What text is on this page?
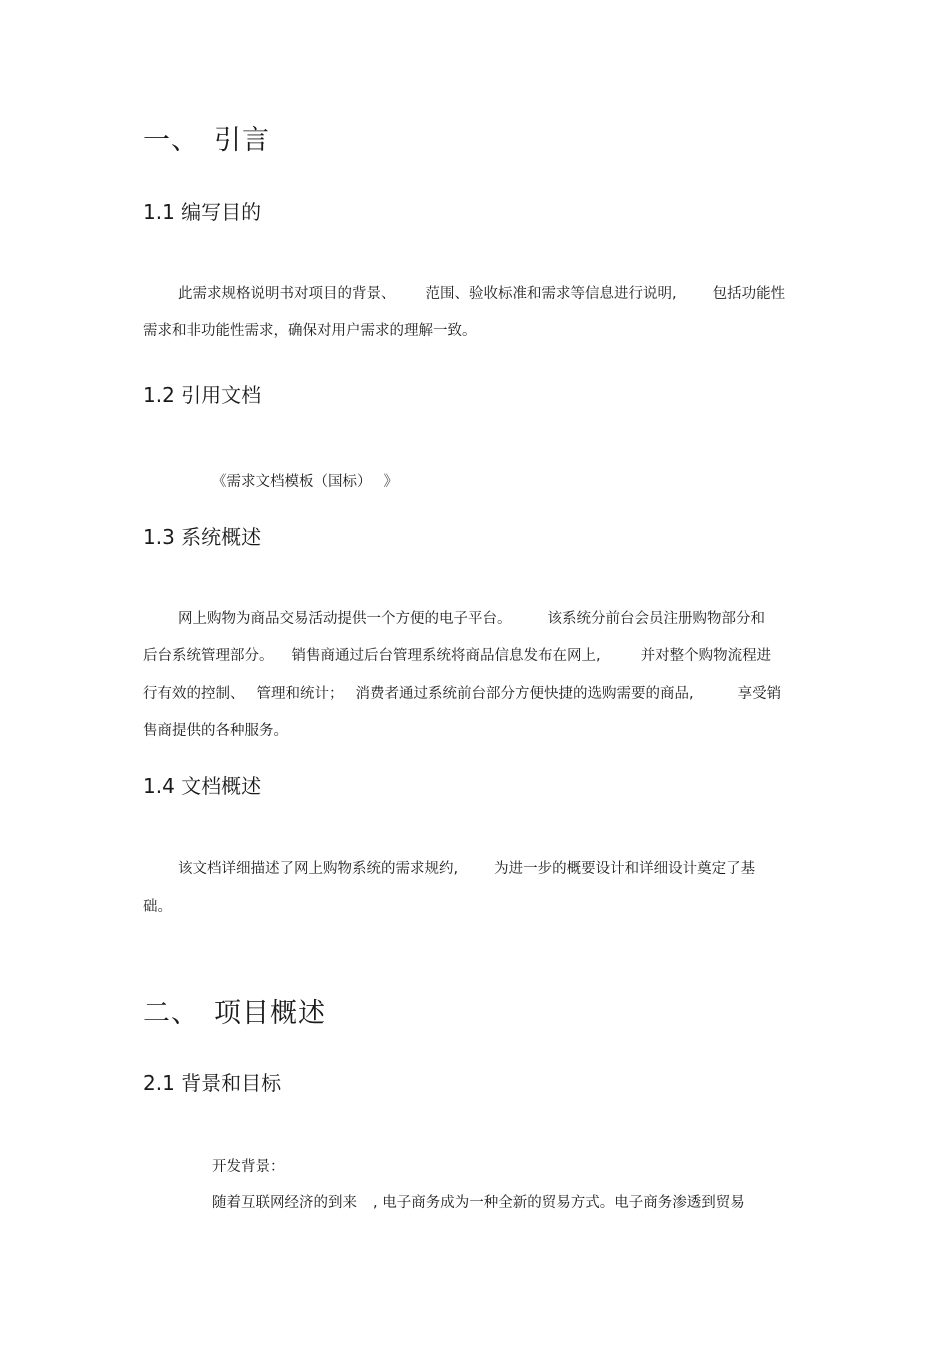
一、 引言
1.1 编写目的
此需求规格说明书对项目的背景、 范围、验收标准和需求等信息进行说明, 包括功能性
需求和非功能性需求，确保对用户需求的理解一致。
1.2 引用文档
《需求文档模板（国标） 》
1.3 系统概述
网上购物为商品交易活动提供一个方便的电子平台。 该系统分前台会员注册购物部分和
后台系统管理部分。 销售商通过后台管理系统将商品信息发布在网上,	并对整个购物流程进
行有效的控制、 管理和统计； 消费者通过系统前台部分方便快捷的选购需要的商品,	享受销
售商提供的各种服务。
1.4 文档概述
该文档详细描述了网上购物系统的需求规约, 为进一步的概要设计和详细设计奠定了基
础。
二、 项目概述
2.1 背景和目标
开发背景：
随着互联网经济的到来 , 电子商务成为一种全新的贸易方式。电子商务渗透到贸易
